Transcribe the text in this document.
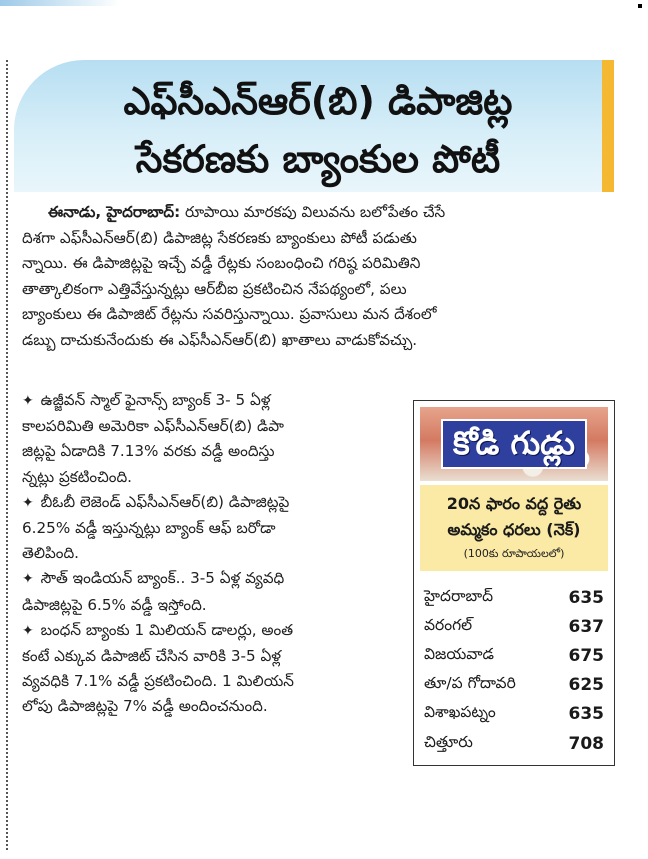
ఎఫ్‌సీఎన్‌ఆర్‌(బి) డిపాజిట్ల
సేకరణకు బ్యాంకుల పోటీ

ఈనాడు, హైదరాబాద్‌: రూపాయి మారకపు విలువను బలోపేతం చేసే

దిశగా ఎఫ్‌సీఎన్‌ఆర్‌(బి) డిపాజిట్ల సేకరణకు బ్యాంకులు పోటీ పడుతు

న్నాయి. ఈ డిపాజిట్లపై ఇచ్చే వడ్డీ రేట్లకు సంబంధించి గరిష్ఠ పరిమితిని

తాత్కాలికంగా ఎత్తివేస్తున్నట్లు ఆర్‌బీఐ ప్రకటించిన నేపథ్యంలో, పలు

బ్యాంకులు ఈ డిపాజిట్‌ రేట్లను సవరిస్తున్నాయి. ప్రవాసులు మన దేశంలో

డబ్బు దాచుకునేందుకు ఈ ఎఫ్‌సీఎన్‌ఆర్‌(బి) ఖాతాలు వాడుకోవచ్చు.

✦ ఉజ్జీవన్‌ స్మాల్‌ ఫైనాన్స్‌ బ్యాంక్‌ 3- 5 ఏళ్ల
కాలపరిమితి అమెరికా ఎఫ్‌సీఎన్‌ఆర్‌(బి) డిపా
జిట్లపై ఏడాదికి 7.13% వరకు వడ్డీ అందిస్తు
న్నట్లు ప్రకటించింది.
✦ బీఓబీ లెజెండ్‌ ఎఫ్‌సీఎన్‌ఆర్‌(బి) డిపాజిట్లపై
6.25% వడ్డీ ఇస్తున్నట్లు బ్యాంక్‌ ఆఫ్‌ బరోడా
తెలిపింది.
✦ సౌత్‌ ఇండియన్‌ బ్యాంక్‌.. 3-5 ఏళ్ల వ్యవధి
డిపాజిట్లపై 6.5% వడ్డీ ఇస్తోంది.
✦ బంధన్‌ బ్యాంకు 1 మిలియన్‌ డాలర్లు, అంత
కంటే ఎక్కువ డిపాజిట్‌ చేసిన వారికి 3-5 ఏళ్ల
వ్యవధికి 7.1% వడ్డీ ప్రకటించింది. 1 మిలియన్‌
లోపు డిపాజిట్లపై 7% వడ్డీ అందించనుంది.
కోడి గుడ్లు
20న ఫారం వద్ద రైతు
అమ్మకం ధరలు (నెక్‌)
(100కు రూపాయలలో)
హైదరాబాద్‌	635
వరంగల్‌	637
విజయవాడ	675
తూ/ప గోదావరి	625
విశాఖపట్నం	635
చిత్తూరు	708
